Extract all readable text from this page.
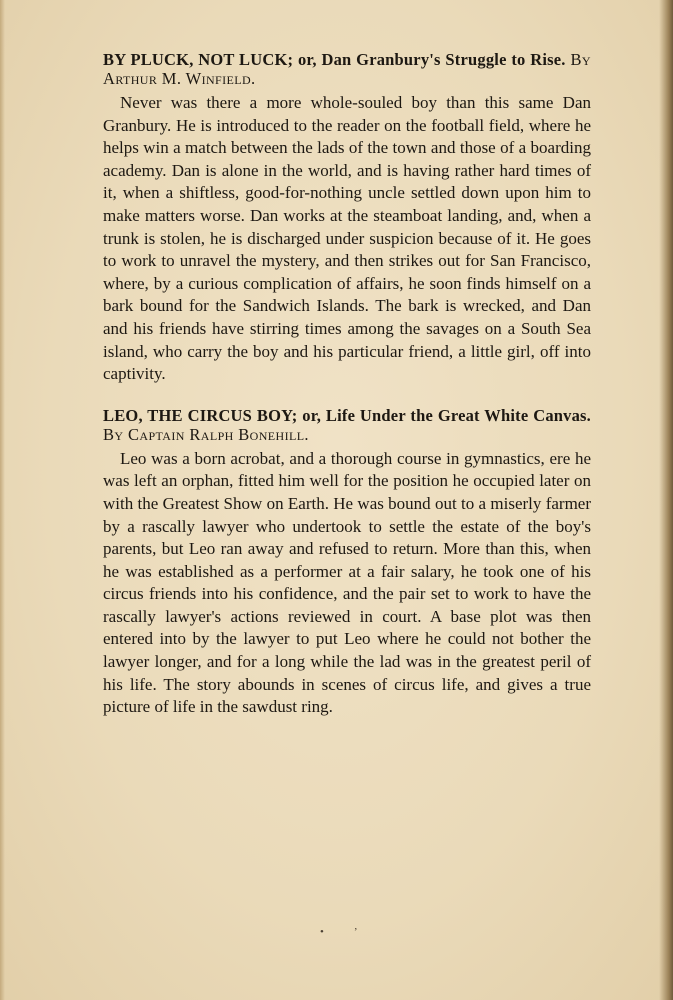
BY PLUCK, NOT LUCK; or, Dan Granbury's Struggle to Rise. By Arthur M. Winfield.

Never was there a more whole-souled boy than this same Dan Granbury. He is introduced to the reader on the football field, where he helps win a match between the lads of the town and those of a boarding academy. Dan is alone in the world, and is having rather hard times of it, when a shiftless, good-for-nothing uncle settled down upon him to make matters worse. Dan works at the steamboat landing, and, when a trunk is stolen, he is discharged under suspicion because of it. He goes to work to unravel the mystery, and then strikes out for San Francisco, where, by a curious complication of affairs, he soon finds himself on a bark bound for the Sandwich Islands. The bark is wrecked, and Dan and his friends have stirring times among the savages on a South Sea island, who carry the boy and his particular friend, a little girl, off into captivity.

LEO, THE CIRCUS BOY; or, Life Under the Great White Canvas. By Captain Ralph Bonehill.

Leo was a born acrobat, and a thorough course in gymnastics, ere he was left an orphan, fitted him well for the position he occupied later on with the Greatest Show on Earth. He was bound out to a miserly farmer by a rascally lawyer who undertook to settle the estate of the boy's parents, but Leo ran away and refused to return. More than this, when he was established as a performer at a fair salary, he took one of his circus friends into his confidence, and the pair set to work to have the rascally lawyer's actions reviewed in court. A base plot was then entered into by the lawyer to put Leo where he could not bother the lawyer longer, and for a long while the lad was in the greatest peril of his life. The story abounds in scenes of circus life, and gives a true picture of life in the sawdust ring.

•’
